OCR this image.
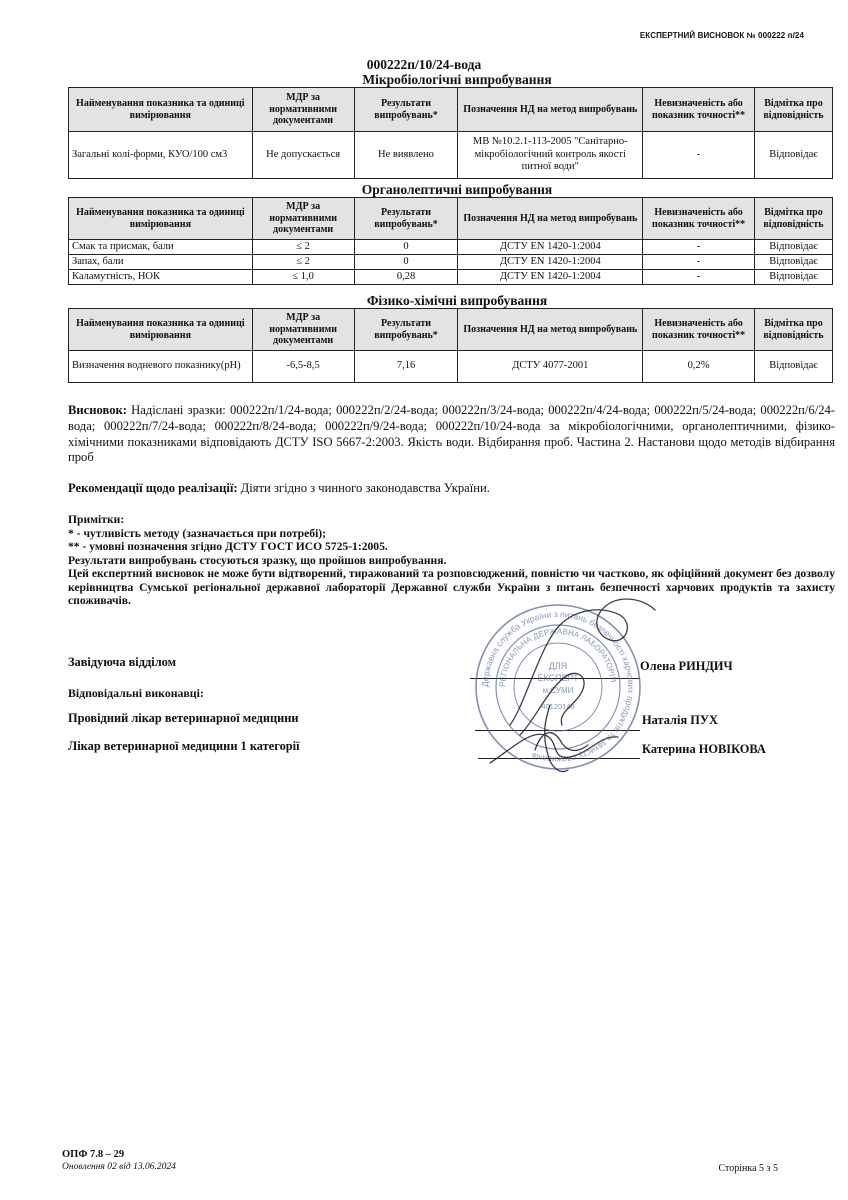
ЕКСПЕРТНИЙ ВИСНОВОК № 000222 п/24
000222п/10/24-вода
Мікробіологічні випробування
Найменування показника та одиниці вимірювання	МДР за нормативними документами	Результати випробувань*	Позначення НД на метод випробувань	Невизначеність або показник точності**	Відмітка про відповідність
Загальні колі-форми, КУО/100 см3	Не допускається	Не виявлено	МВ №10.2.1-113-2005 "Санітарно-мікробіологічний контроль якості питної води"	-	Відповідає
Органолептичні випробування
Найменування показника та одиниці вимірювання	МДР за нормативними документами	Результати випробувань*	Позначення НД на метод випробувань	Невизначеність або показник точності**	Відмітка про відповідність
Смак та присмак, бали	≤ 2	0	ДСТУ EN 1420-1:2004	-	Відповідає
Запах, бали	≤ 2	0	ДСТУ EN 1420-1:2004	-	Відповідає
Каламутність, НОК	≤ 1,0	0,28	ДСТУ EN 1420-1:2004	-	Відповідає
Фізико-хімічні випробування
Найменування показника та одиниці вимірювання	МДР за нормативними документами	Результати випробувань*	Позначення НД на метод випробувань	Невизначеність або показник точності**	Відмітка про відповідність
Визначення водневого показнику(pH)	-6,5-8,5	7,16	ДСТУ 4077-2001	0,2%	Відповідає
Висновок: Надіслані зразки: 000222п/1/24-вода; 000222п/2/24-вода; 000222п/3/24-вода; 000222п/4/24-вода; 000222п/5/24-вода; 000222п/6/24-вода; 000222п/7/24-вода; 000222п/8/24-вода; 000222п/9/24-вода; 000222п/10/24-вода за мікробіологічними, органолептичними, фізико-хімічними показниками відповідають ДСТУ ISO 5667-2:2003. Якість води. Відбирання проб. Частина 2. Настанови щодо методів відбирання проб
Рекомендації щодо реалізації: Діяти згідно з чинного законодавства України.
Примітки:
* - чутливість методу (зазначається при потребі);
** - умовні позначення згідно ДСТУ ГОСТ ИСО 5725-1:2005.
Результати випробувань стосуються зразку, що пройшов випробування.
Цей експертний висновок не може бути відтворений, тиражований та розповсюджений, повністю чи частково, як офіційний документ без дозволу керівництва Сумської регіональної державної лабораторії Державної служби України з питань безпечності харчових продуктів та захисту споживачів.
Завідуюча відділом	Олена РИНДИЧ
Відповідальні виконавці:
Провідний лікар ветеринарної медицини	Наталія ПУХ
Лікар ветеринарної медицини 1 категорії	Катерина НОВІКОВА
Державна служба України з питань безпечності харчових продуктів та захисту споживачів
РЕГІОНАЛЬНА ДЕРЖАВНА ЛАБОРАТОРІЯ
ДЛЯ
ЕКСПЕРТ
м.СУМИ
40120148
ОПФ 7.8 – 29
Оновлення 02 від 13.06.2024	Сторінка 5 з 5
